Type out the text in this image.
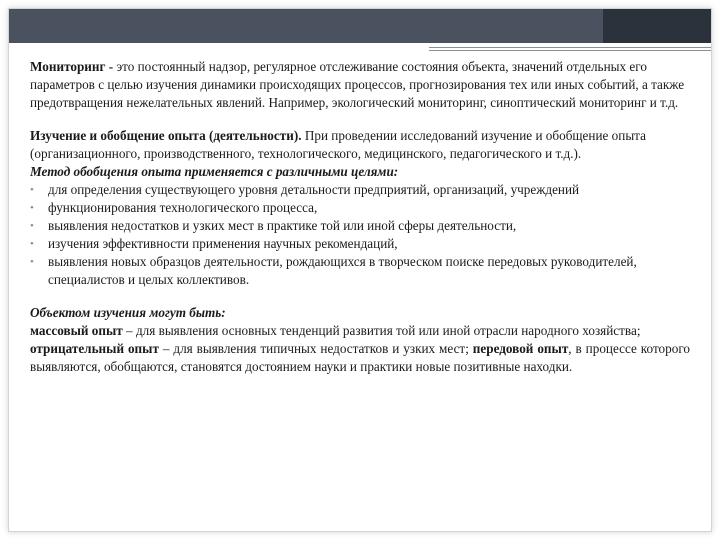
Мониторинг - это постоянный надзор, регулярное отслеживание состояния объекта, значений отдельных его параметров с целью изучения динамики происходящих процессов, прогнозирования тех или иных событий, а также предотвращения нежелательных явлений. Например, экологический мониторинг, синоптический мониторинг и т.д.

Изучение и обобщение опыта (деятельности). При проведении исследований изучение и обобщение опыта (организационного, производственного, технологического, медицинского, педагогического и т.д.).

Метод обобщения опыта применяется с различными целями:

• для определения существующего уровня детальности предприятий, организаций, учреждений
• функционирования технологического процесса,
• выявления недостатков и узких мест в практике той или иной сферы деятельности,
• изучения эффективности применения научных рекомендаций,
• выявления новых образцов деятельности, рождающихся в творческом поиске передовых руководителей, специалистов и целых коллективов.

Объектом изучения могут быть:

массовый опыт – для выявления основных тенденций развития той или иной отрасли народного хозяйства;

отрицательный опыт – для выявления типичных недостатков и узких мест; передовой опыт, в процессе которого выявляются, обобщаются, становятся достоянием науки и практики новые позитивные находки.
